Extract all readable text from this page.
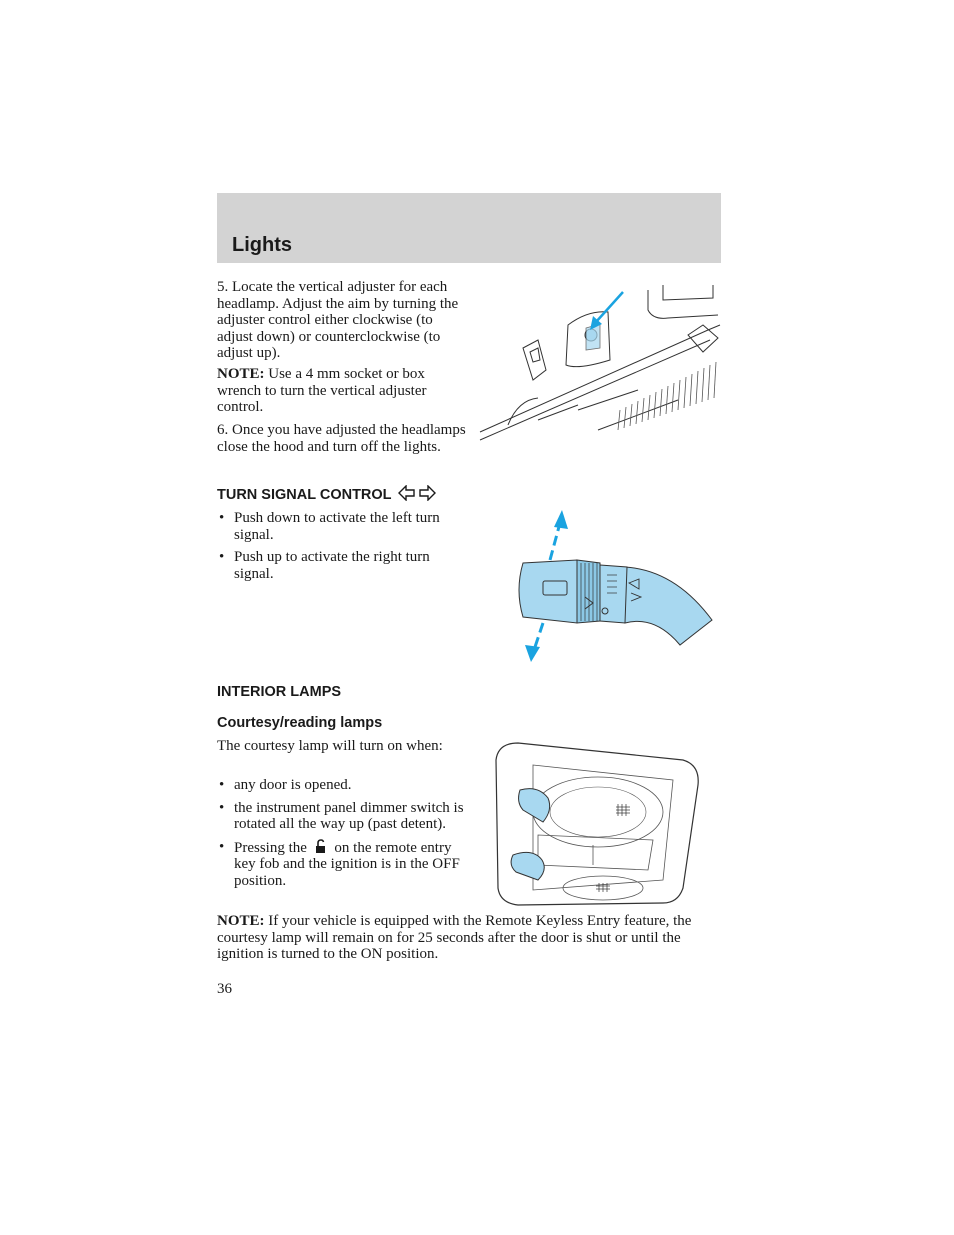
Lights
5. Locate the vertical adjuster for each headlamp. Adjust the aim by turning the adjuster control either clockwise (to adjust down) or counterclockwise (to adjust up).
NOTE: Use a 4 mm socket or box wrench to turn the vertical adjuster control.
6. Once you have adjusted the headlamps close the hood and turn off the lights.
TURN SIGNAL CONTROL
• Push down to activate the left turn signal.
• Push up to activate the right turn signal.
INTERIOR LAMPS
Courtesy/reading lamps
The courtesy lamp will turn on when:
• any door is opened.
• the instrument panel dimmer switch is rotated all the way up (past detent).
• Pressing the on the remote entry key fob and the ignition is in the OFF position.
NOTE: If your vehicle is equipped with the Remote Keyless Entry feature, the courtesy lamp will remain on for 25 seconds after the door is shut or until the ignition is turned to the ON position.
36
